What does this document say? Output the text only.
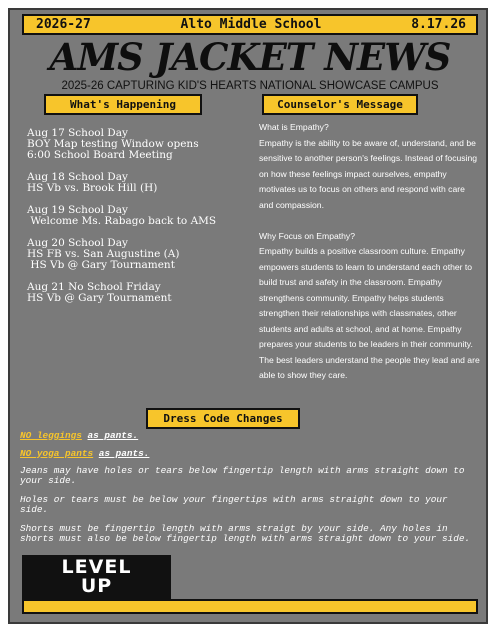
2026-27	Alto Middle School	8.17.26
AMS JACKET NEWS
2025-26 CAPTURING KID'S HEARTS NATIONAL SHOWCASE CAMPUS
What's Happening	Counselor's Message
Aug 17 School Day
BOY Map testing Window opens
6:00 School Board Meeting
Aug 18 School Day
HS Vb vs. Brook Hill (H)
Aug 19 School Day
Welcome Ms. Rabago back to AMS
Aug 20 School Day
HS FB vs. San Augustine (A)
HS Vb @ Gary Tournament
Aug 21 No School Friday
HS Vb @ Gary Tournament

What is Empathy?
Empathy is the ability to be aware of, understand, and be sensitive to another person's feelings. Instead of focusing on how these feelings impact ourselves, empathy motivates us to focus on others and respond with care and compassion.

Why Focus on Empathy?
Empathy builds a positive classroom culture. Empathy empowers students to learn to understand each other to build trust and safety in the classroom. Empathy strengthens community. Empathy helps students strengthen their relationships with classmates, other students and adults at school, and at home. Empathy prepares your students to be leaders in their community. The best leaders understand the people they lead and are able to show they care.

Dress Code Changes
NO leggings as pants.
NO yoga pants as pants.
Jeans may have holes or tears below fingertip length with arms straight down to your side.
Holes or tears must be below your fingertips with arms straight down to your side.
Shorts must be fingertip length with arms straigt by your side. Any holes in shorts must also be below fingertip length with arms straight down to your side.
LEVEL
UP
